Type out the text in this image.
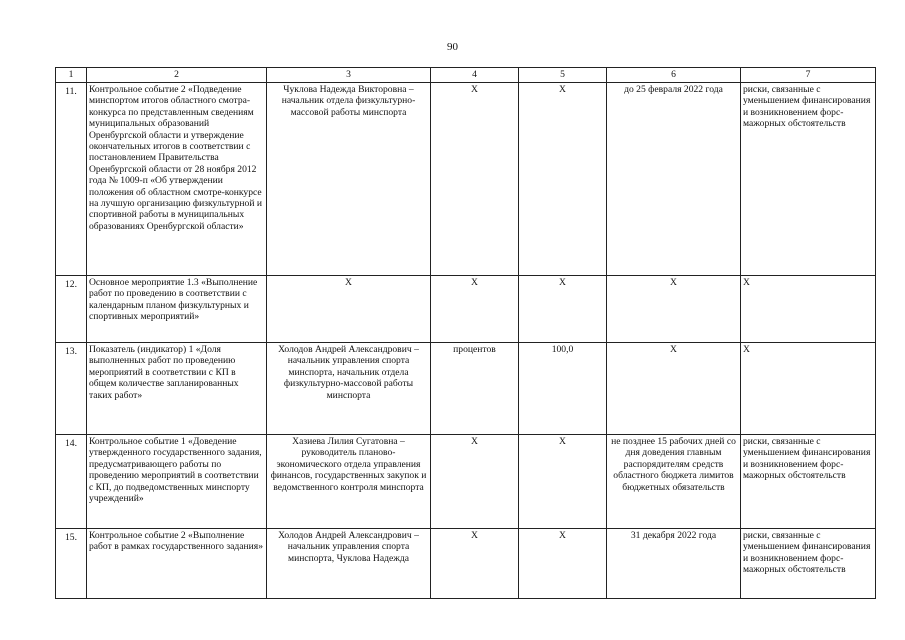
90
1	2	3	4	5	6	7
11.	Контрольное событие 2 «Подведение минспортом итогов областного смотра-конкурса по представленным сведениям муниципальных образований Оренбургской области и утверждение окончательных итогов в соответствии с постановлением Правительства Оренбургской области от 28 ноября 2012 года № 1009-п «Об утверждении положения об областном смотре-конкурсе на лучшую организацию физкультурной и спортивной работы в муниципальных образованиях Оренбургской области»	Чуклова Надежда Викторовна – начальник отдела физкультурно-массовой работы минспорта	Х	Х	до 25 февраля 2022 года	риски, связанные с уменьшением финансирования и возникновением форс-мажорных обстоятельств
12.	Основное мероприятие 1.3 «Выполнение работ по проведению в соответствии с календарным планом физкультурных и спортивных мероприятий»	Х	Х	Х	Х	Х
13.	Показатель (индикатор) 1 «Доля выполненных работ по проведению мероприятий в соответствии с КП в общем количестве запланированных таких работ»	Холодов Андрей Александрович – начальник управления спорта минспорта, начальник отдела физкультурно-массовой работы минспорта	процентов	100,0	Х	Х
14.	Контрольное событие 1 «Доведение утвержденного государственного задания, предусматривающего работы по проведению мероприятий в соответствии с КП, до подведомственных минспорту учреждений»	Хазиева Лилия Сугатовна – руководитель планово-экономического отдела управления финансов, государственных закупок и ведомственного контроля минспорта	Х	Х	не позднее 15 рабочих дней со дня доведения главным распорядителям средств областного бюджета лимитов бюджетных обязательств	риски, связанные с уменьшением финансирования и возникновением форс-мажорных обстоятельств
15.	Контрольное событие 2 «Выполнение работ в рамках государственного задания»	Холодов Андрей Александрович – начальник управления спорта минспорта, Чуклова Надежда	Х	Х	31 декабря 2022 года	риски, связанные с уменьшением финансирования и возникновением форс-мажорных обстоятельств
